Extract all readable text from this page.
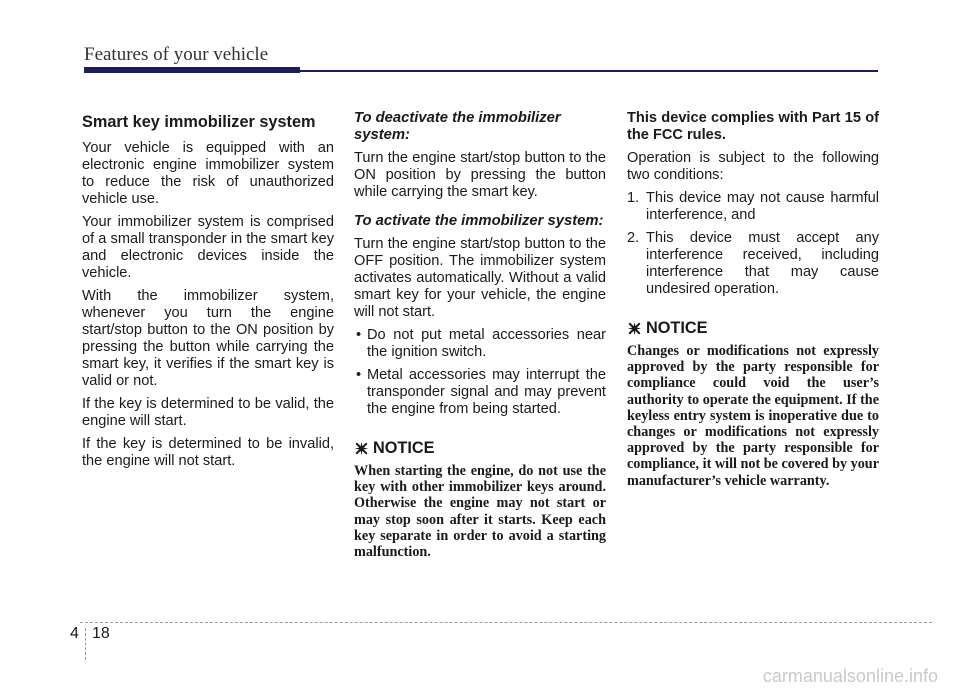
Features of your vehicle
Smart key immobilizer system

Your vehicle is equipped with an electronic engine immobilizer system to reduce the risk of unauthorized vehicle use.

Your immobilizer system is comprised of a small transponder in the smart key and electronic devices inside the vehicle.

With the immobilizer system, whenever you turn the engine start/stop button to the ON position by pressing the button while carrying the smart key, it verifies if the smart key is valid or not.

If the key is determined to be valid, the engine will start.

If the key is determined to be invalid, the engine will not start.

To deactivate the immobilizer system:

Turn the engine start/stop button to the ON position by pressing the button while carrying the smart key.

To activate the immobilizer system:

Turn the engine start/stop button to the OFF position. The immobilizer system activates automatically. Without a valid smart key for your vehicle, the engine will not start.

• Do not put metal accessories near the ignition switch.
• Metal accessories may interrupt the transponder signal and may prevent the engine from being started.
NOTICE

When starting the engine, do not use the key with other immobilizer keys around. Otherwise the engine may not start or may stop soon after it starts. Keep each key separate in order to avoid a starting malfunction.

This device complies with Part 15 of the FCC rules.

Operation is subject to the following two conditions:

1. This device may not cause harmful interference, and
2. This device must accept any interference received, including interference that may cause undesired operation.
NOTICE

Changes or modifications not expressly approved by the party responsible for compliance could void the user’s authority to operate the equipment. If the keyless entry system is inoperative due to changes or modifications not expressly approved by the party responsible for compliance, it will not be covered by your manufacturer’s vehicle warranty.

4 18
carmanualsonline.info
